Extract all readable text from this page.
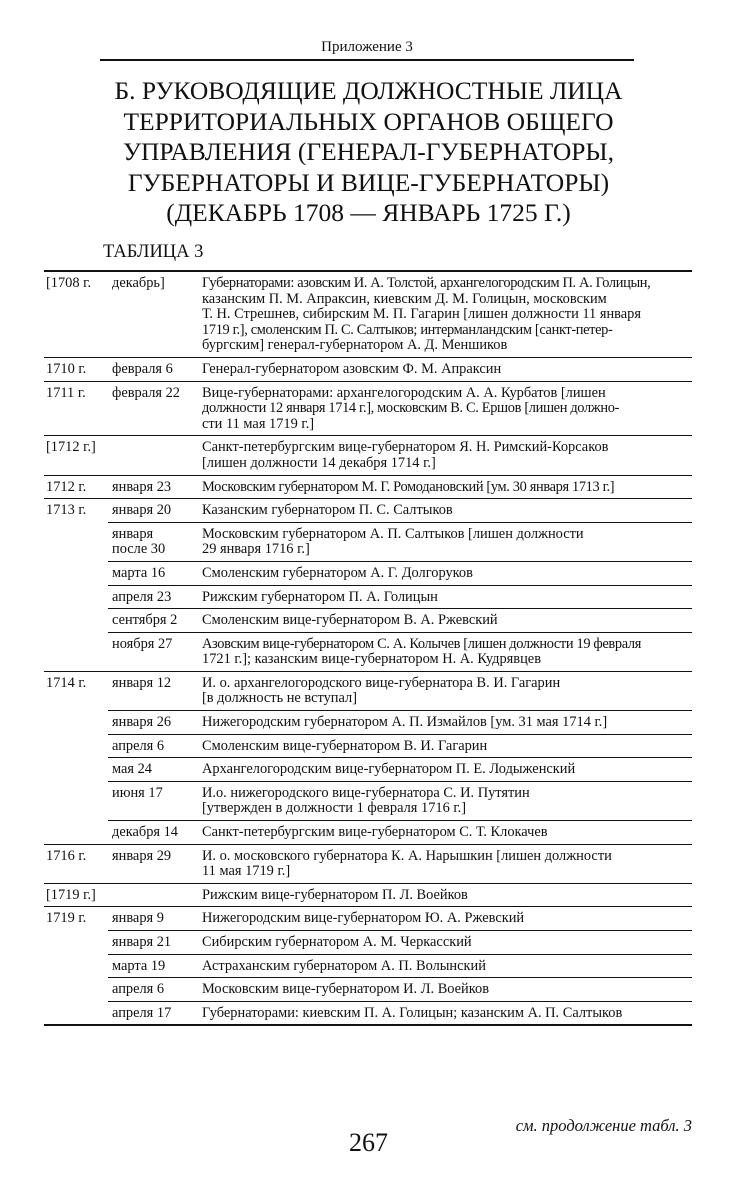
Приложение 3
Б. РУКОВОДЯЩИЕ ДОЛЖНОСТНЫЕ ЛИЦА
ТЕРРИТОРИАЛЬНЫХ ОРГАНОВ ОБЩЕГО
УПРАВЛЕНИЯ (ГЕНЕРАЛ-ГУБЕРНАТОРЫ,
ГУБЕРНАТОРЫ И ВИЦЕ-ГУБЕРНАТОРЫ)
(ДЕКАБРЬ 1708 — ЯНВАРЬ 1725 Г.)
ТАБЛИЦА 3
[1708 г.	декабрь]	Губернаторами: азовским И. А. Толстой, архангелогородским П. А. Голицын,
казанским П. М. Апраксин, киевским Д. М. Голицын, московским
Т. Н. Стрешнев, сибирским М. П. Гагарин [лишен должности 11 января
1719 г.], смоленским П. С. Салтыков; интерманландским [санкт-петер-
бургским] генерал-губернатором А. Д. Меншиков

1710 г.	февраля 6	Генерал-губернатором азовским Ф. М. Апраксин

1711 г.	февраля 22	Вице-губернаторами: архангелогородским А. А. Курбатов [лишен
должности 12 января 1714 г.], московским В. С. Ершов [лишен должно-
сти 11 мая 1719 г.]

[1712 г.]		Санкт-петербургским вице-губернатором Я. Н. Римский-Корсаков
[лишен должности 14 декабря 1714 г.]

1712 г.	января 23	Московским губернатором М. Г. Ромодановский [ум. 30 января 1713 г.]

1713 г.	января 20	Казанским губернатором П. С. Салтыков

	января
после 30	Московским губернатором А. П. Салтыков [лишен должности
29 января 1716 г.]

	марта 16	Смоленским губернатором А. Г. Долгоруков

	апреля 23	Рижским губернатором П. А. Голицын

	сентября 2	Смоленским вице-губернатором В. А. Ржевский

	ноября 27	Азовским вице-губернатором С. А. Колычев [лишен должности 19 февраля
1721 г.]; казанским вице-губернатором Н. А. Кудрявцев

1714 г.	января 12	И. о. архангелогородского вице-губернатора В. И. Гагарин
[в должность не вступал]

	января 26	Нижегородским губернатором А. П. Измайлов [ум. 31 мая 1714 г.]

	апреля 6	Смоленским вице-губернатором В. И. Гагарин

	мая 24	Архангелогородским вице-губернатором П. Е. Лодыженский

	июня 17	И.о. нижегородского вице-губернатора С. И. Путятин
[утвержден в должности 1 февраля 1716 г.]

	декабря 14	Санкт-петербургским вице-губернатором С. Т. Клокачев

1716 г.	января 29	И. о. московского губернатора К. А. Нарышкин [лишен должности
11 мая 1719 г.]

[1719 г.]		Рижским вице-губернатором П. Л. Воейков

1719 г.	января 9	Нижегородским вице-губернатором Ю. А. Ржевский

	января 21	Сибирским губернатором А. М. Черкасский

	марта 19	Астраханским губернатором А. П. Волынский

	апреля 6	Московским вице-губернатором И. Л. Воейков

	апреля 17	Губернаторами: киевским П. А. Голицын; казанским А. П. Салтыков
см. продолжение табл. 3
267
